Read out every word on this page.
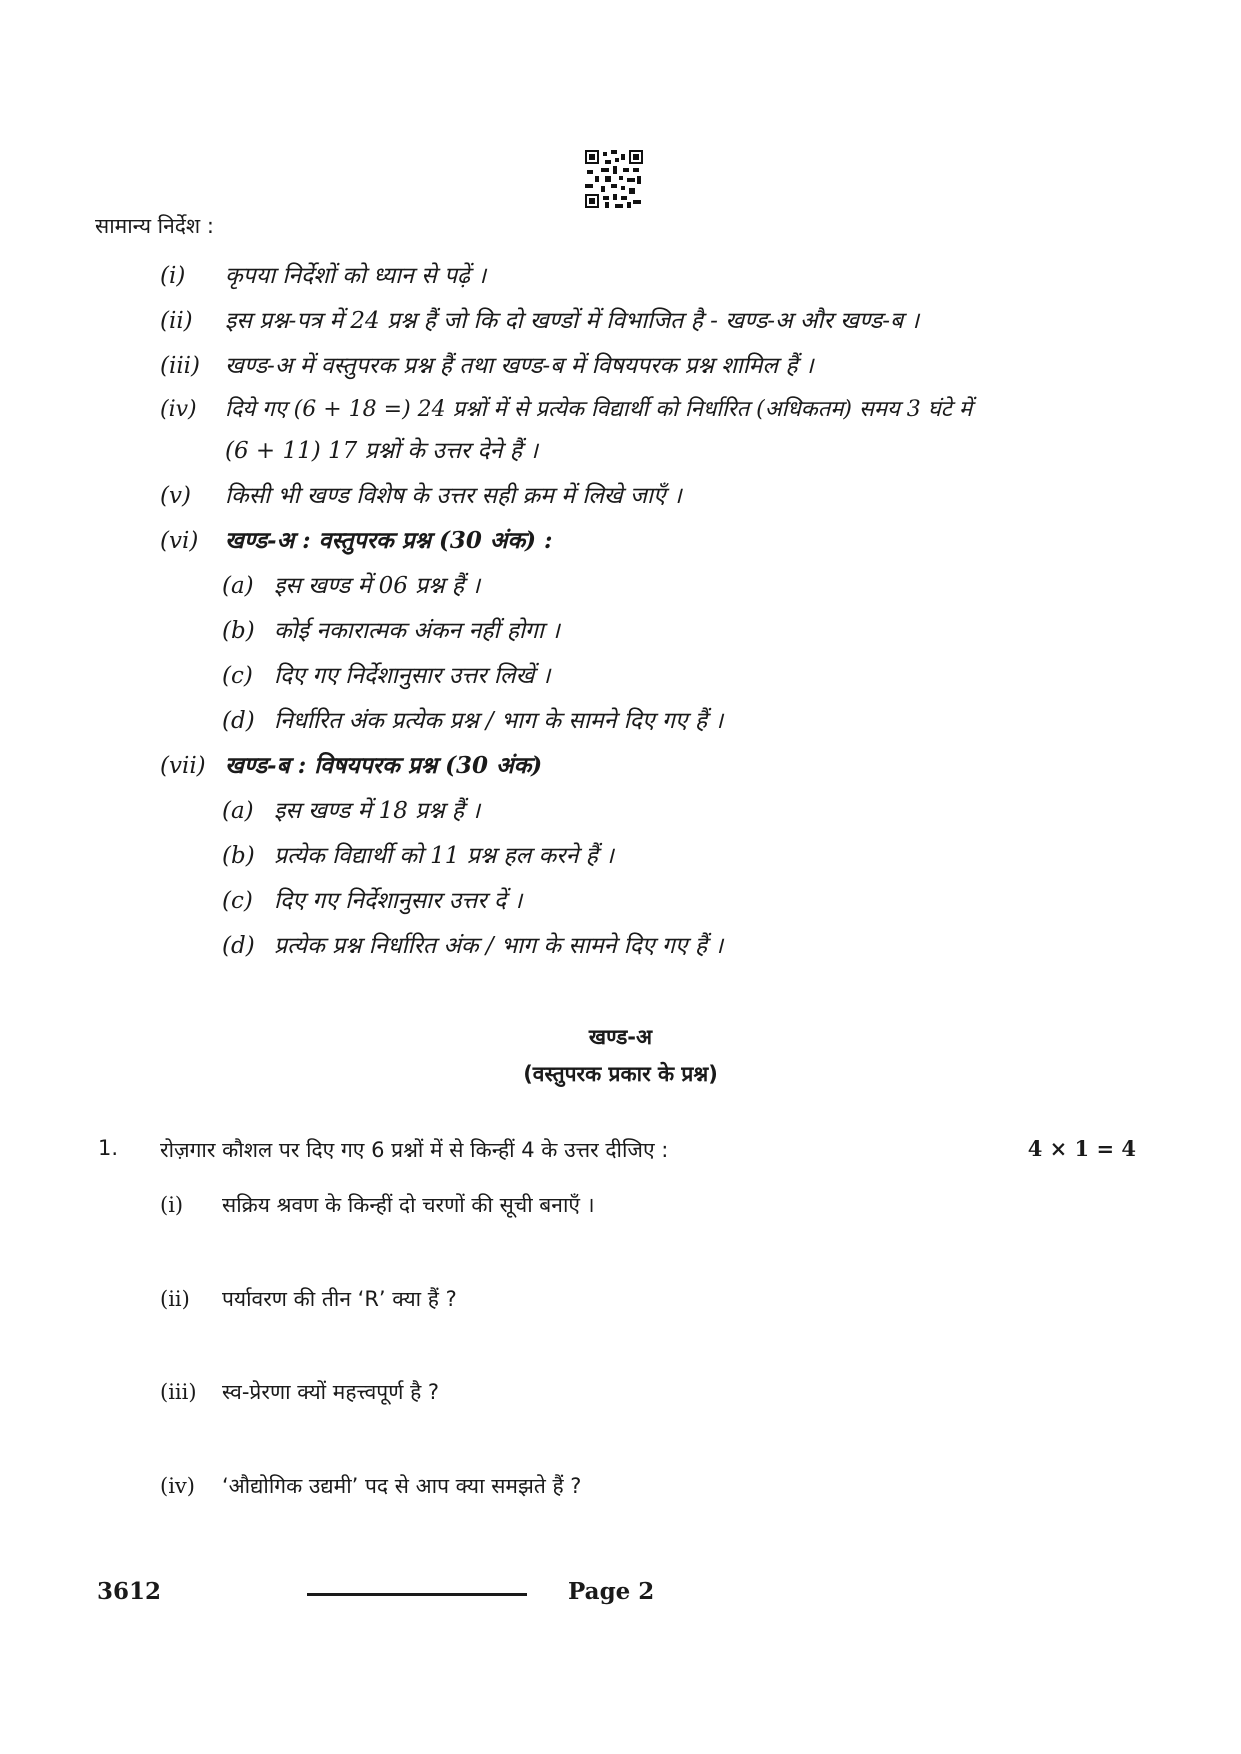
सामान्य निर्देश :
(i) कृपया निर्देशों को ध्यान से पढ़ें ।
(ii) इस प्रश्न-पत्र में 24 प्रश्न हैं जो कि दो खण्डों में विभाजित है - खण्ड-अ और खण्ड-ब ।
(iii) खण्ड-अ में वस्तुपरक प्रश्न हैं तथा खण्ड-ब में विषयपरक प्रश्न शामिल हैं ।
(iv) दिये गए (6 + 18 =) 24 प्रश्नों में से प्रत्येक विद्यार्थी को निर्धारित (अधिकतम) समय 3 घंटे में
(6 + 11) 17 प्रश्नों के उत्तर देने हैं ।
(v) किसी भी खण्ड विशेष के उत्तर सही क्रम में लिखे जाएँ ।
(vi) खण्ड-अ : वस्तुपरक प्रश्न (30 अंक) :
(a) इस खण्ड में 06 प्रश्न हैं ।
(b) कोई नकारात्मक अंकन नहीं होगा ।
(c) दिए गए निर्देशानुसार उत्तर लिखें ।
(d) निर्धारित अंक प्रत्येक प्रश्न / भाग के सामने दिए गए हैं ।
(vii) खण्ड-ब : विषयपरक प्रश्न (30 अंक)
(a) इस खण्ड में 18 प्रश्न हैं ।
(b) प्रत्येक विद्यार्थी को 11 प्रश्न हल करने हैं ।
(c) दिए गए निर्देशानुसार उत्तर दें ।
(d) प्रत्येक प्रश्न निर्धारित अंक / भाग के सामने दिए गए हैं ।
खण्ड-अ
(वस्तुपरक प्रकार के प्रश्न)
1. रोज़गार कौशल पर दिए गए 6 प्रश्नों में से किन्हीं 4 के उत्तर दीजिए :	4 × 1 = 4
(i) सक्रिय श्रवण के किन्हीं दो चरणों की सूची बनाएँ ।
(ii) पर्यावरण की तीन ‘R’ क्या हैं ?
(iii) स्व-प्रेरणा क्यों महत्त्वपूर्ण है ?
(iv) ‘औद्योगिक उद्यमी’ पद से आप क्या समझते हैं ?
3612	Page 2
